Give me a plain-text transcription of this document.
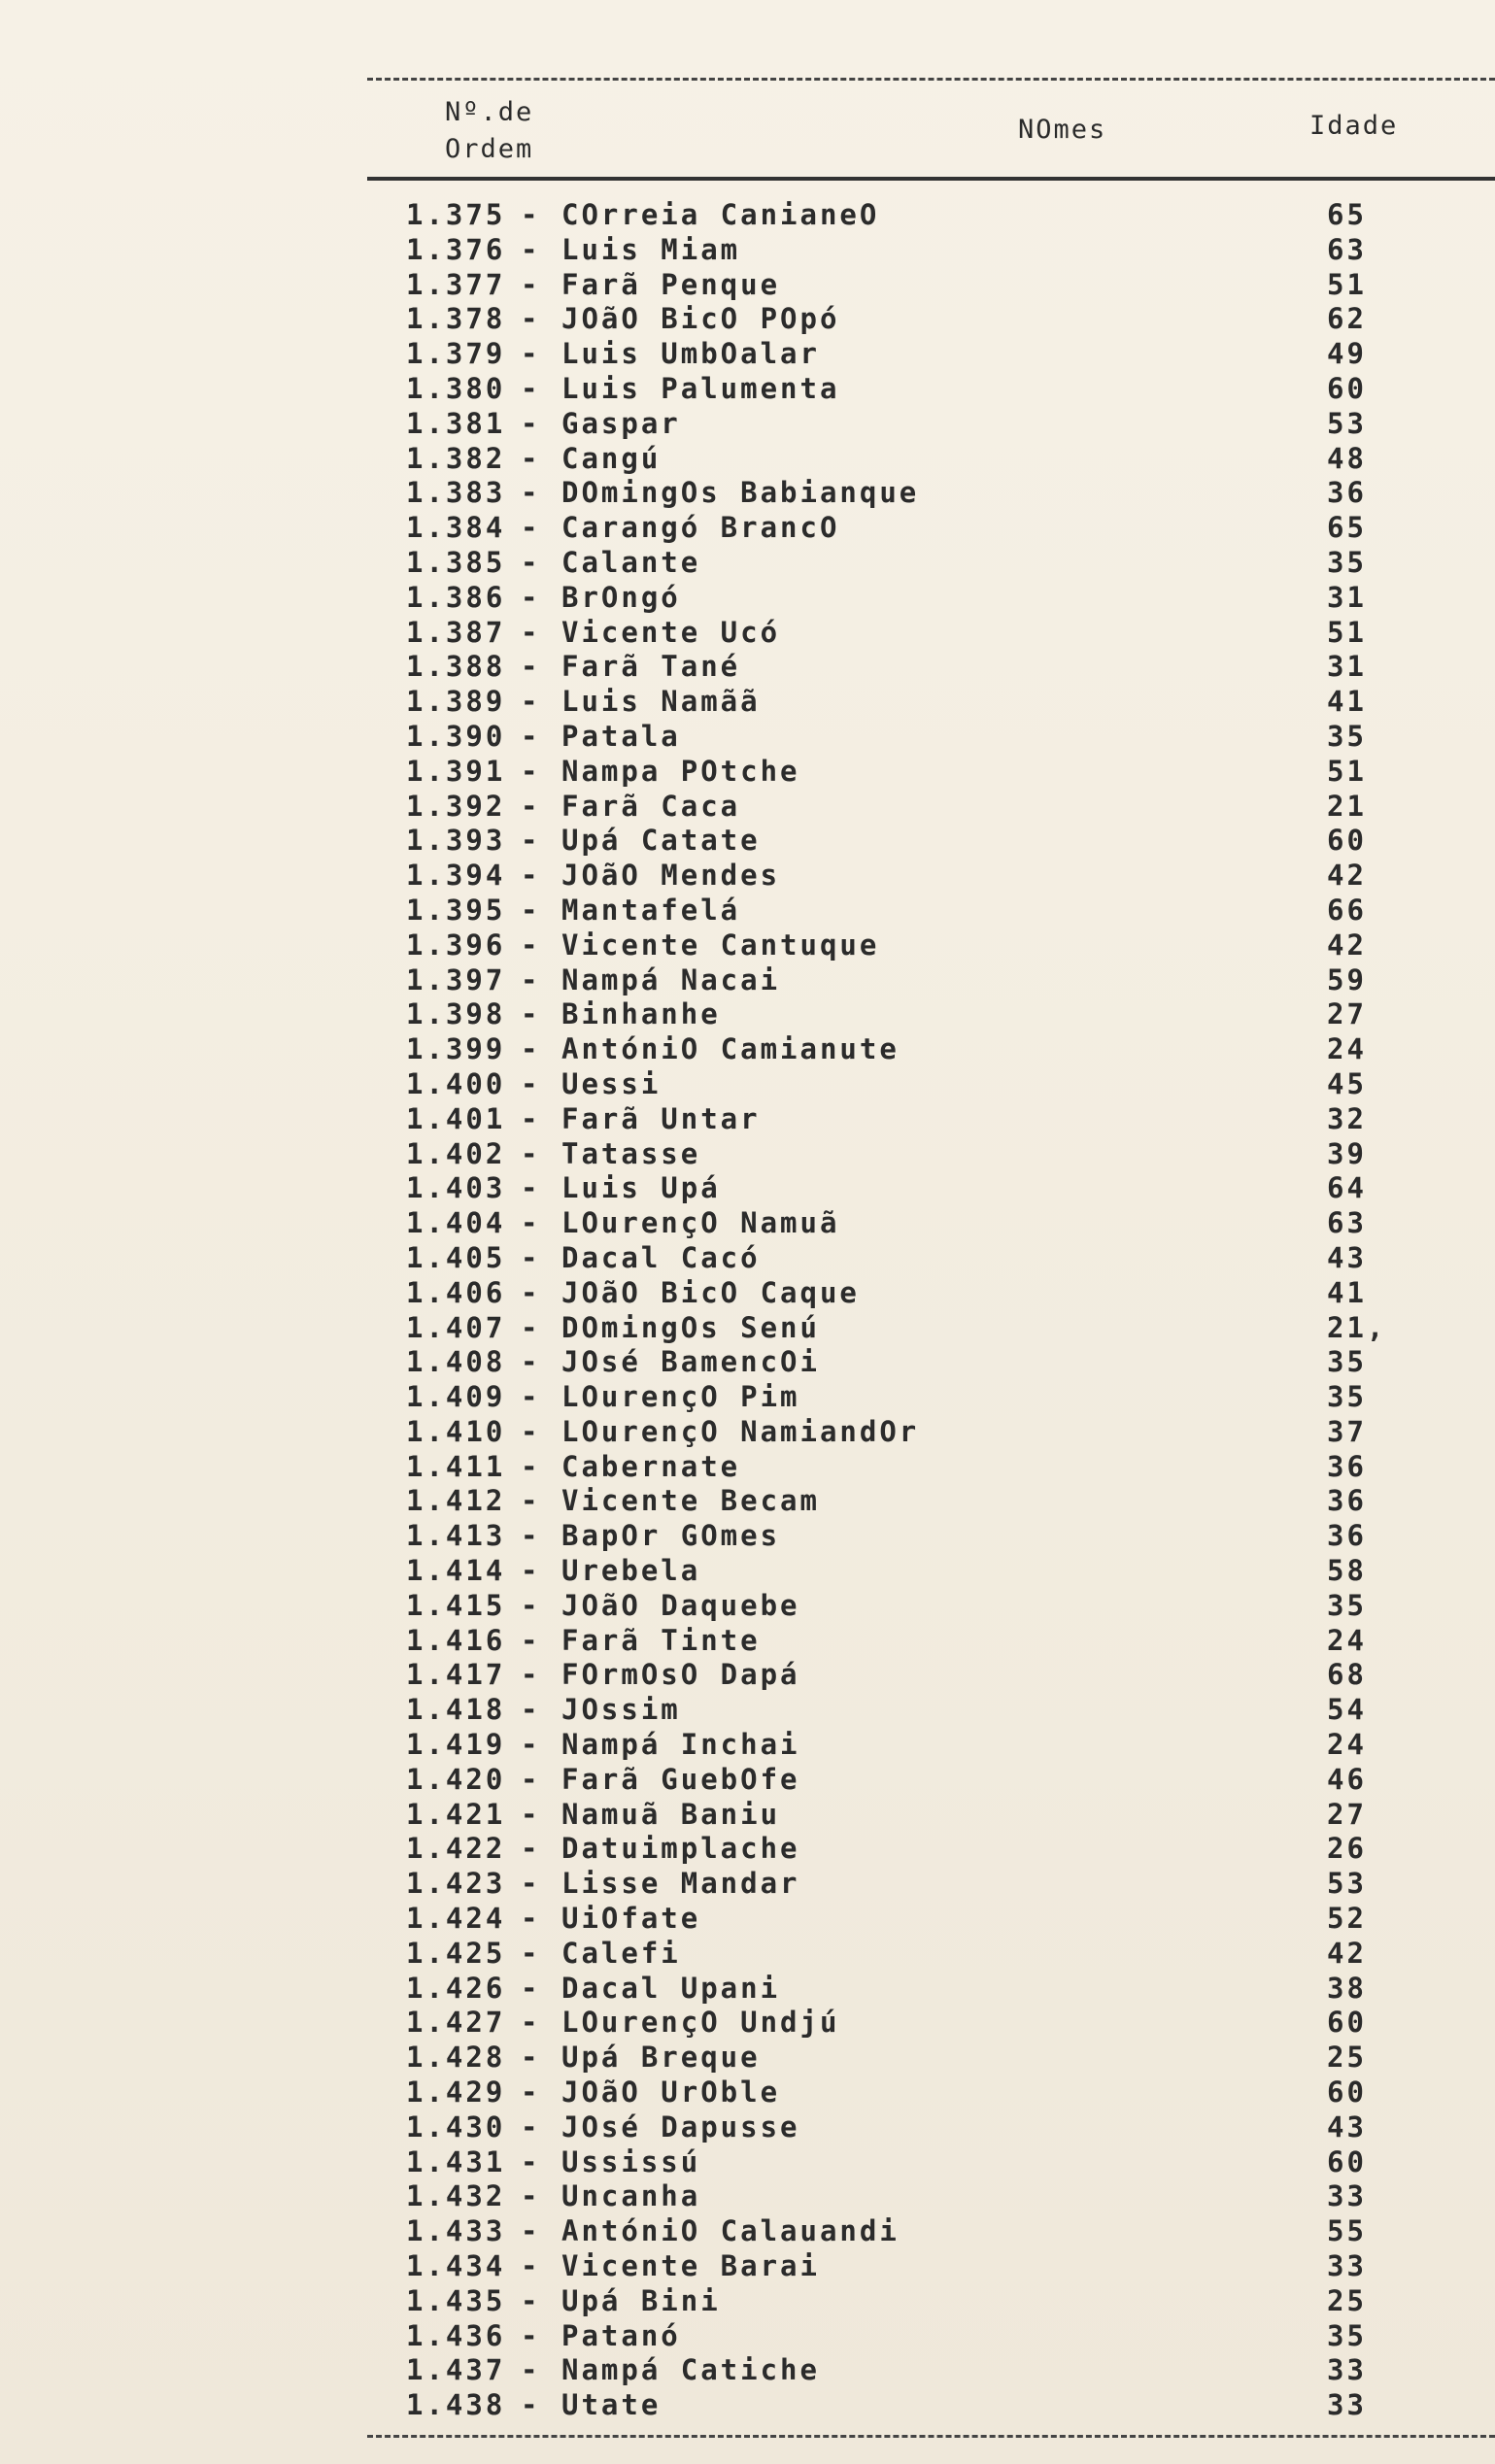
Nº.de
Ordem
NOmes	Idade
1.375 - COrreia CanianeO	65
1.376 - Luis Miam	63
1.377 - Farã Penque	51
1.378 - JOãO BicO POpó	62
1.379 - Luis UmbOalar	49
1.380 - Luis Palumenta	60
1.381 - Gaspar	53
1.382 - Cangú	48
1.383 - DOmingOs Babianque	36
1.384 - Carangó BrancO	65
1.385 - Calante	35
1.386 - BrOngó	31
1.387 - Vicente Ucó	51
1.388 - Farã Tané	31
1.389 - Luis Namãã	41
1.390 - Patala	35
1.391 - Nampa POtche	51
1.392 - Farã Caca	21
1.393 - Upá Catate	60
1.394 - JOãO Mendes	42
1.395 - Mantafelá	66
1.396 - Vicente Cantuque	42
1.397 - Nampá Nacai	59
1.398 - Binhanhe	27
1.399 - AntóniO Camianute	24
1.400 - Uessi	45
1.401 - Farã Untar	32
1.402 - Tatasse	39
1.403 - Luis Upá	64
1.404 - LOurençO Namuã	63
1.405 - Dacal Cacó	43
1.406 - JOãO BicO Caque	41
1.407 - DOmingOs Senú	21,
1.408 - JOsé BamencOi	35
1.409 - LOurençO Pim	35
1.410 - LOurençO NamiandOr	37
1.411 - Cabernate	36
1.412 - Vicente Becam	36
1.413 - BapOr GOmes	36
1.414 - Urebela	58
1.415 - JOãO Daquebe	35
1.416 - Farã Tinte	24
1.417 - FOrmOsO Dapá	68
1.418 - JOssim	54
1.419 - Nampá Inchai	24
1.420 - Farã GuebOfe	46
1.421 - Namuã Baniu	27
1.422 - Datuimplache	26
1.423 - Lisse Mandar	53
1.424 - UiOfate	52
1.425 - Calefi	42
1.426 - Dacal Upani	38
1.427 - LOurençO Undjú	60
1.428 - Upá Breque	25
1.429 - JOãO UrOble	60
1.430 - JOsé Dapusse	43
1.431 - Ussissú	60
1.432 - Uncanha	33
1.433 - AntóniO Calauandi	55
1.434 - Vicente Barai	33
1.435 - Upá Bini	25
1.436 - Patanó	35
1.437 - Nampá Catiche	33
1.438 - Utate	33
